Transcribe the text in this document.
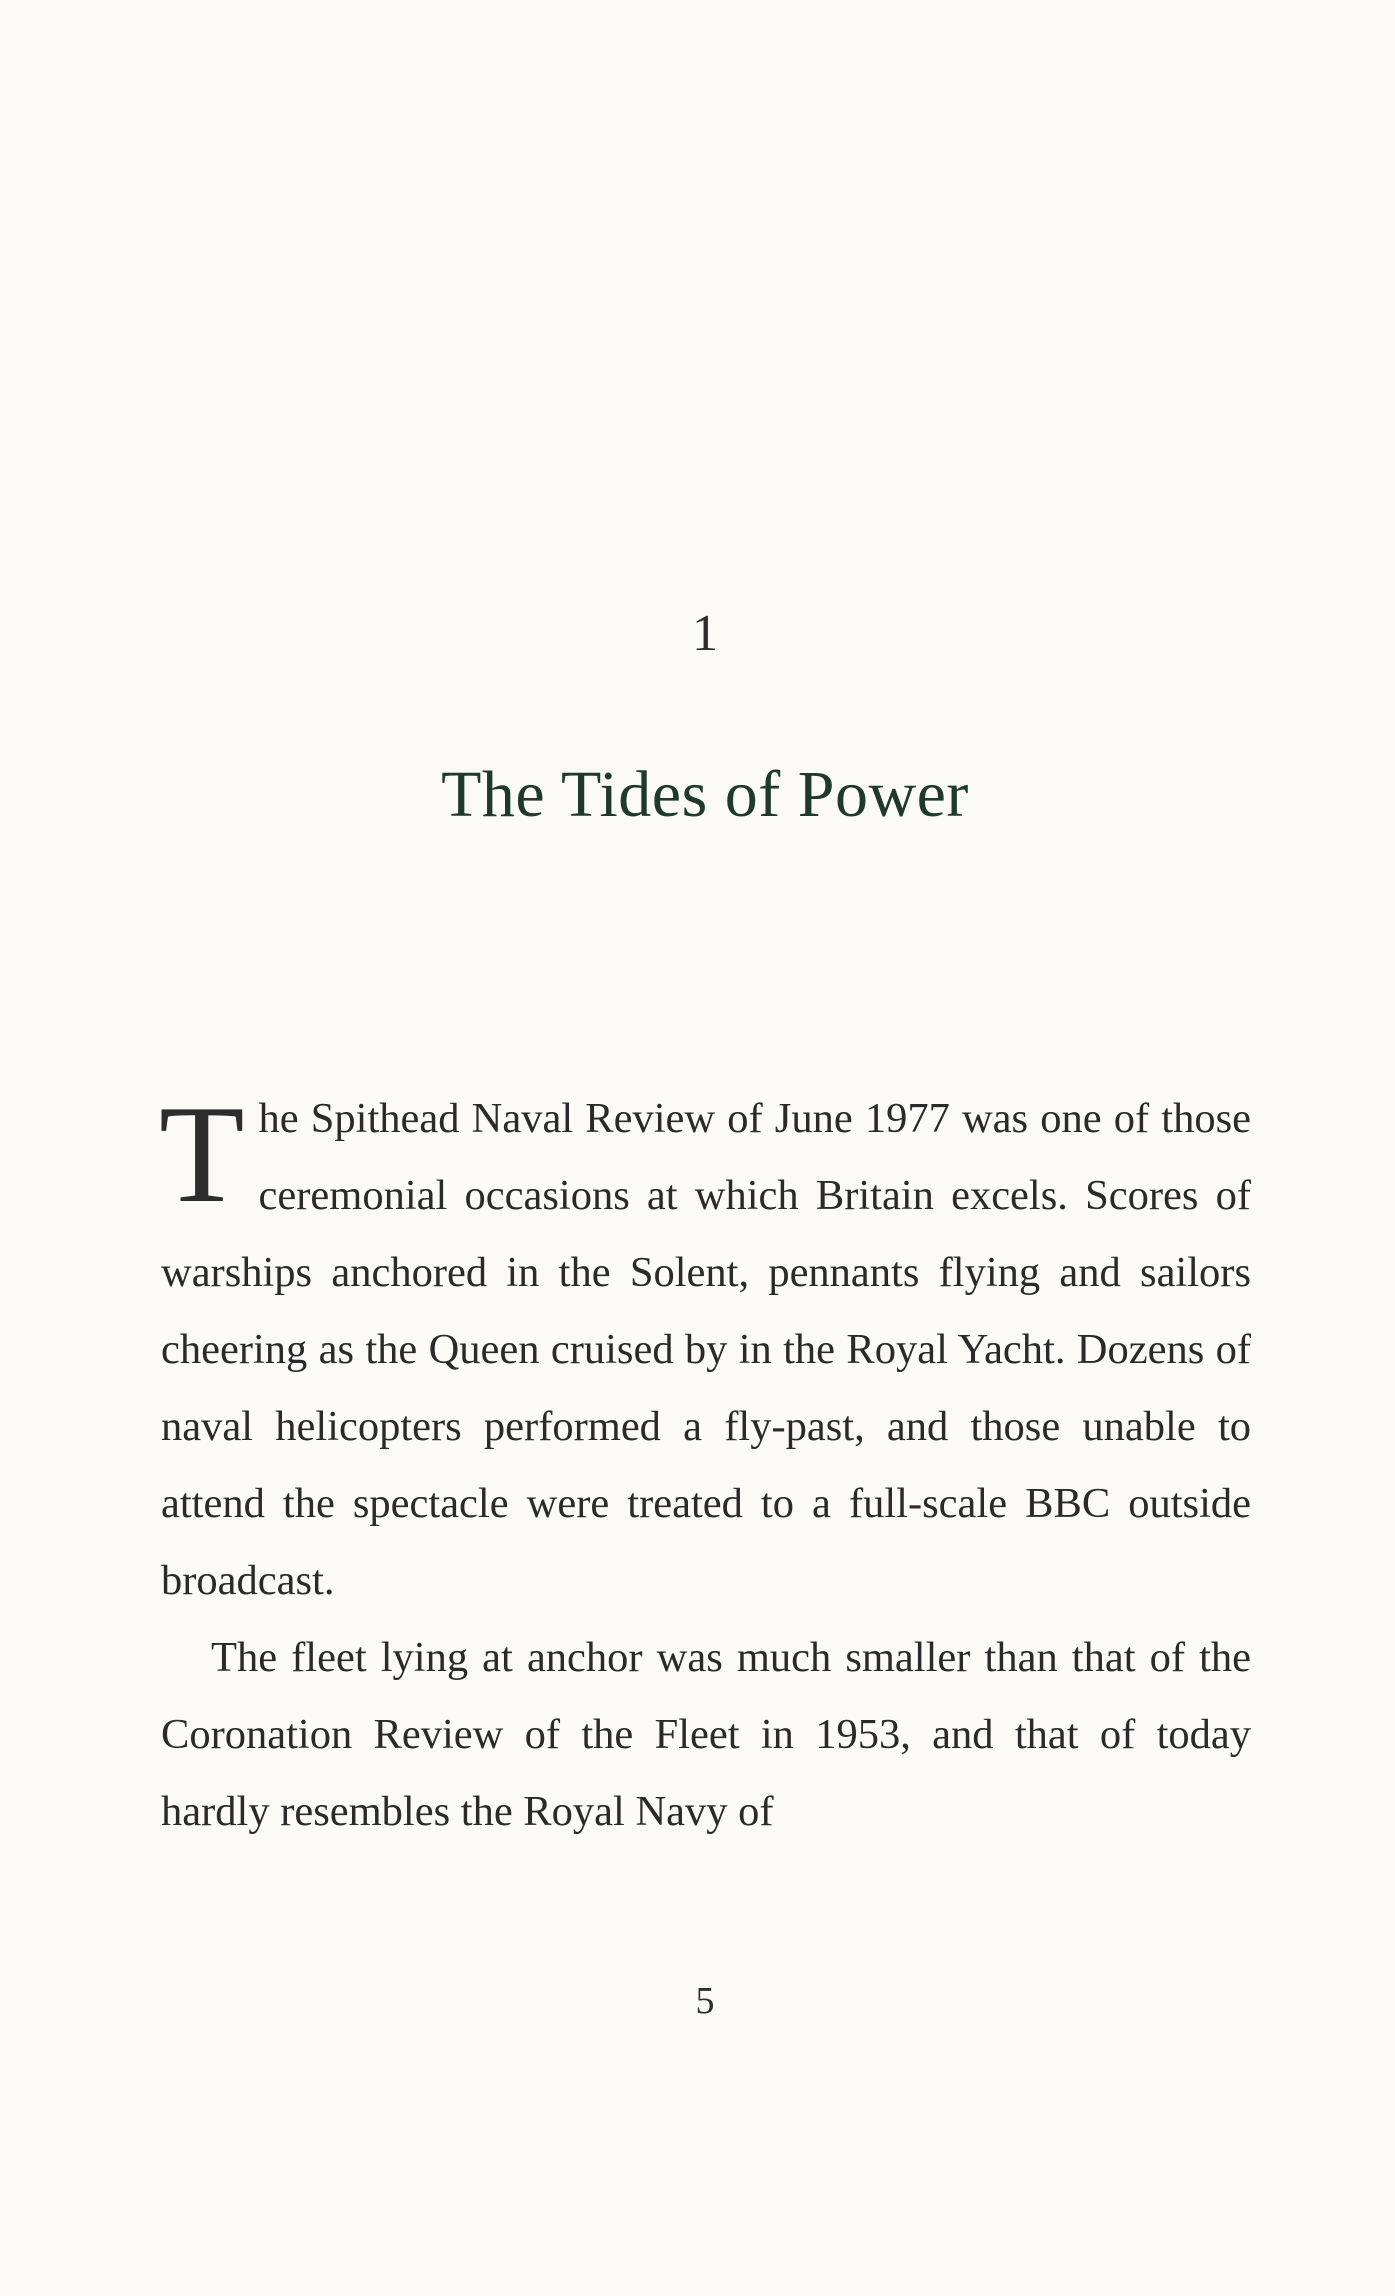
1
The Tides of Power

The Spithead Naval Review of June 1977 was one of those ceremonial occasions at which Britain excels. Scores of warships anchored in the Solent, pennants flying and sailors cheering as the Queen cruised by in the Royal Yacht. Dozens of naval helicopters performed a fly-past, and those unable to attend the spectacle were treated to a full-scale BBC outside broadcast.

The fleet lying at anchor was much smaller than that of the Coronation Review of the Fleet in 1953, and that of today hardly resembles the Royal Navy of

5
